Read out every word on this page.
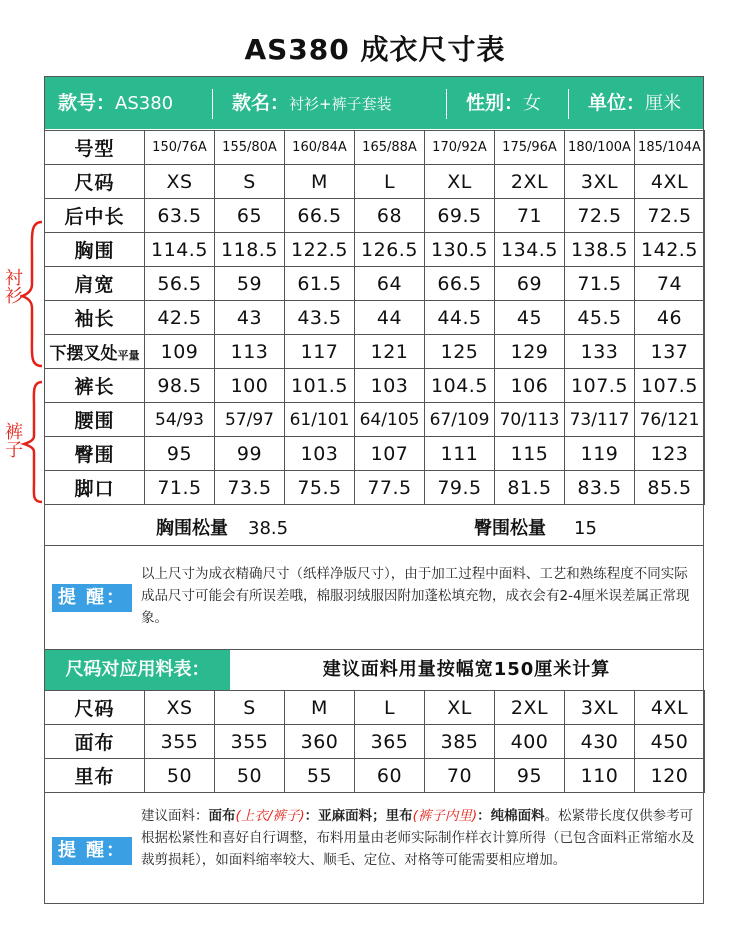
AS380 成衣尺寸表
款号：AS380	款名：衬衫+裤子套装	性别：女 单位：厘米
号型	150/76A	155/80A	160/84A	165/88A	170/92A	175/96A	180/100A	185/104A
尺码	XS	S	M	L	XL	2XL	3XL	4XL
后中长	63.5	65	66.5	68	69.5	71	72.5	72.5
胸围	114.5	118.5	122.5	126.5	130.5	134.5	138.5	142.5
肩宽	56.5	59	61.5	64	66.5	69	71.5	74
袖长	42.5	43	43.5	44	44.5	45	45.5	46
下摆叉处平量	109	113	117	121	125	129	133	137
裤长	98.5	100	101.5	103	104.5	106	107.5	107.5
腰围	54/93	57/97	61/101	64/105	67/109	70/113	73/117	76/121
臀围	95	99	103	107	111	115	119	123
脚口	71.5	73.5	75.5	77.5	79.5	81.5	83.5	85.5
衬
衫
裤
子
胸围松量 38.5	臀围松量 15
提 醒：
以上尺寸为成衣精确尺寸（纸样净版尺寸），由于加工过程中面料、工艺和熟练程度不同实际成品尺寸可能会有所误差哦，棉服羽绒服因附加蓬松填充物，成衣会有2-4厘米误差属正常现象。
尺码对应用料表：	建议面料用量按幅宽150厘米计算
尺码	XS	S	M	L	XL	2XL	3XL	4XL
面布	355	355	360	365	385	400	430	450
里布	50	50	55	60	70	95	110	120
提 醒：
建议面料：面布(上衣/裤子)：亚麻面料；里布(裤子内里)：纯棉面料。松紧带长度仅供参考可根据松紧性和喜好自行调整，布料用量由老师实际制作样衣计算所得（已包含面料正常缩水及裁剪损耗），如面料缩率较大、顺毛、定位、对格等可能需要相应增加。
